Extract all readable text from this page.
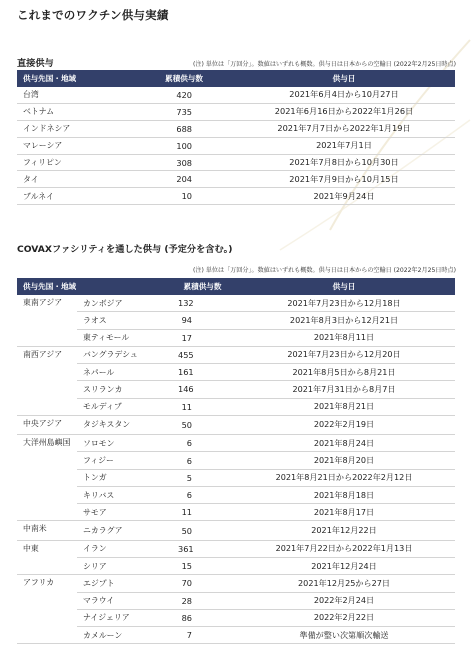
これまでのワクチン供与実績
直接供与	(注) 単位は「万回分」。数値はいずれも概数。供与日は日本からの空輸日 (2022年2月25日時点)
供与先国・地域	累積供与数	供与日
台湾	420	2021年6月4日から10月27日
ベトナム	735	2021年6月16日から2022年1月26日
インドネシア	688	2021年7月7日から2022年1月19日
マレーシア	100	2021年7月1日
フィリピン	308	2021年7月8日から10月30日
タイ	204	2021年7月9日から10月15日
ブルネイ	10	2021年9月24日
COVAXファシリティを通した供与 (予定分を含む。)
(注) 単位は「万回分」。数値はいずれも概数。供与日は日本からの空輸日 (2022年2月25日時点)
供与先国・地域		累積供与数	供与日
東南アジア	カンボジア	132	2021年7月23日から12月18日
	ラオス	94	2021年8月3日から12月21日
	東ティモール	17	2021年8月11日
南西アジア	バングラデシュ	455	2021年7月23日から12月20日
	ネパール	161	2021年8月5日から8月21日
	スリランカ	146	2021年7月31日から8月7日
	モルディブ	11	2021年8月21日
中央アジア	タジキスタン	50	2022年2月19日
大洋州島嶼国	ソロモン	6	2021年8月24日
	フィジー	6	2021年8月20日
	トンガ	5	2021年8月21日から2022年2月12日
	キリバス	6	2021年8月18日
	サモア	11	2021年8月17日
中南米	ニカラグア	50	2021年12月22日
中東	イラン	361	2021年7月22日から2022年1月13日
	シリア	15	2021年12月24日
アフリカ	エジプト	70	2021年12月25から27日
	マラウイ	28	2022年2月24日
	ナイジェリア	86	2022年2月22日
	カメルーン	7	準備が整い次第順次輸送
